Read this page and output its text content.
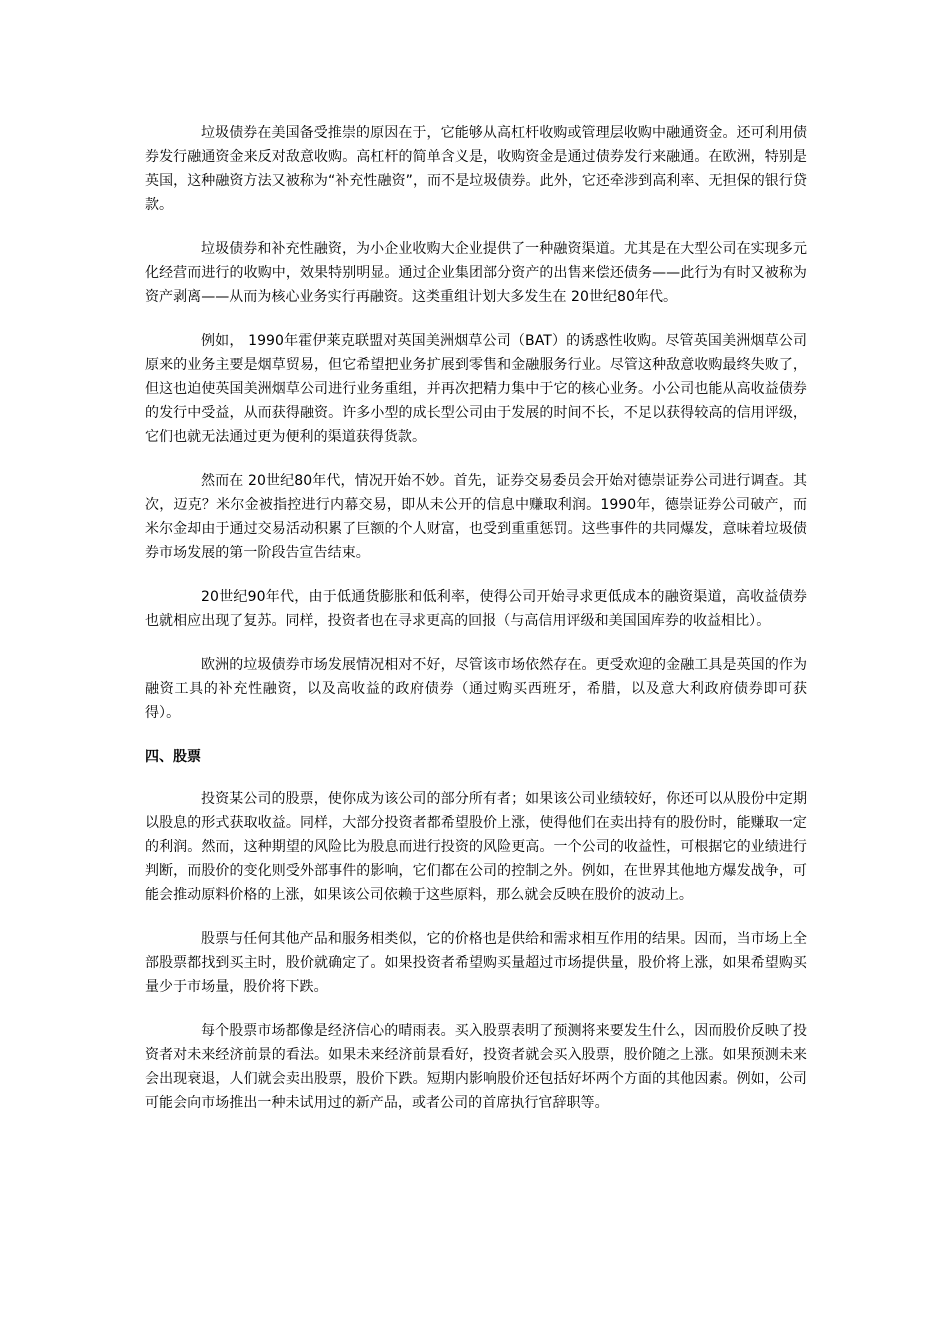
垃圾债券在美国备受推崇的原因在于，它能够从高杠杆收购或管理层收购中融通资金。还可利用债券发行融通资金来反对敌意收购。高杠杆的简单含义是，收购资金是通过债券发行来融通。在欧洲，特别是英国，这种融资方法又被称为“补充性融资”，而不是垃圾债券。此外，它还牵涉到高利率、无担保的银行贷款。

垃圾债券和补充性融资，为小企业收购大企业提供了一种融资渠道。尤其是在大型公司在实现多元化经营而进行的收购中，效果特别明显。通过企业集团部分资产的出售来偿还债务——此行为有时又被称为资产剥离——从而为核心业务实行再融资。这类重组计划大多发生在 20世纪80年代。

例如， 1990年霍伊莱克联盟对英国美洲烟草公司（BAT）的诱惑性收购。尽管英国美洲烟草公司原来的业务主要是烟草贸易，但它希望把业务扩展到零售和金融服务行业。尽管这种敌意收购最终失败了，但这也迫使英国美洲烟草公司进行业务重组，并再次把精力集中于它的核心业务。小公司也能从高收益债券的发行中受益，从而获得融资。许多小型的成长型公司由于发展的时间不长，不足以获得较高的信用评级，它们也就无法通过更为便利的渠道获得货款。

然而在 20世纪80年代，情况开始不妙。首先，证券交易委员会开始对德崇证券公司进行调查。其次，迈克？米尔金被指控进行内幕交易，即从未公开的信息中赚取利润。1990年，德崇证券公司破产，而米尔金却由于通过交易活动积累了巨额的个人财富，也受到重重惩罚。这些事件的共同爆发，意味着垃圾债券市场发展的第一阶段告宣告结束。

20世纪90年代，由于低通货膨胀和低利率，使得公司开始寻求更低成本的融资渠道，高收益债券也就相应出现了复苏。同样，投资者也在寻求更高的回报（与高信用评级和美国国库券的收益相比）。

欧洲的垃圾债券市场发展情况相对不好，尽管该市场依然存在。更受欢迎的金融工具是英国的作为融资工具的补充性融资，以及高收益的政府债券（通过购买西班牙，希腊，以及意大利政府债券即可获得）。

四、股票

投资某公司的股票，使你成为该公司的部分所有者；如果该公司业绩较好，你还可以从股份中定期以股息的形式获取收益。同样，大部分投资者都希望股价上涨，使得他们在卖出持有的股份时，能赚取一定的利润。然而，这种期望的风险比为股息而进行投资的风险更高。一个公司的收益性，可根据它的业绩进行判断，而股价的变化则受外部事件的影响，它们都在公司的控制之外。例如，在世界其他地方爆发战争，可能会推动原料价格的上涨，如果该公司依赖于这些原料，那么就会反映在股价的波动上。

股票与任何其他产品和服务相类似，它的价格也是供给和需求相互作用的结果。因而，当市场上全部股票都找到买主时，股价就确定了。如果投资者希望购买量超过市场提供量，股价将上涨，如果希望购买量少于市场量，股价将下跌。

每个股票市场都像是经济信心的晴雨表。买入股票表明了预测将来要发生什么，因而股价反映了投资者对未来经济前景的看法。如果未来经济前景看好，投资者就会买入股票，股价随之上涨。如果预测未来会出现衰退，人们就会卖出股票，股价下跌。短期内影响股价还包括好坏两个方面的其他因素。例如，公司可能会向市场推出一种未试用过的新产品，或者公司的首席执行官辞职等。
